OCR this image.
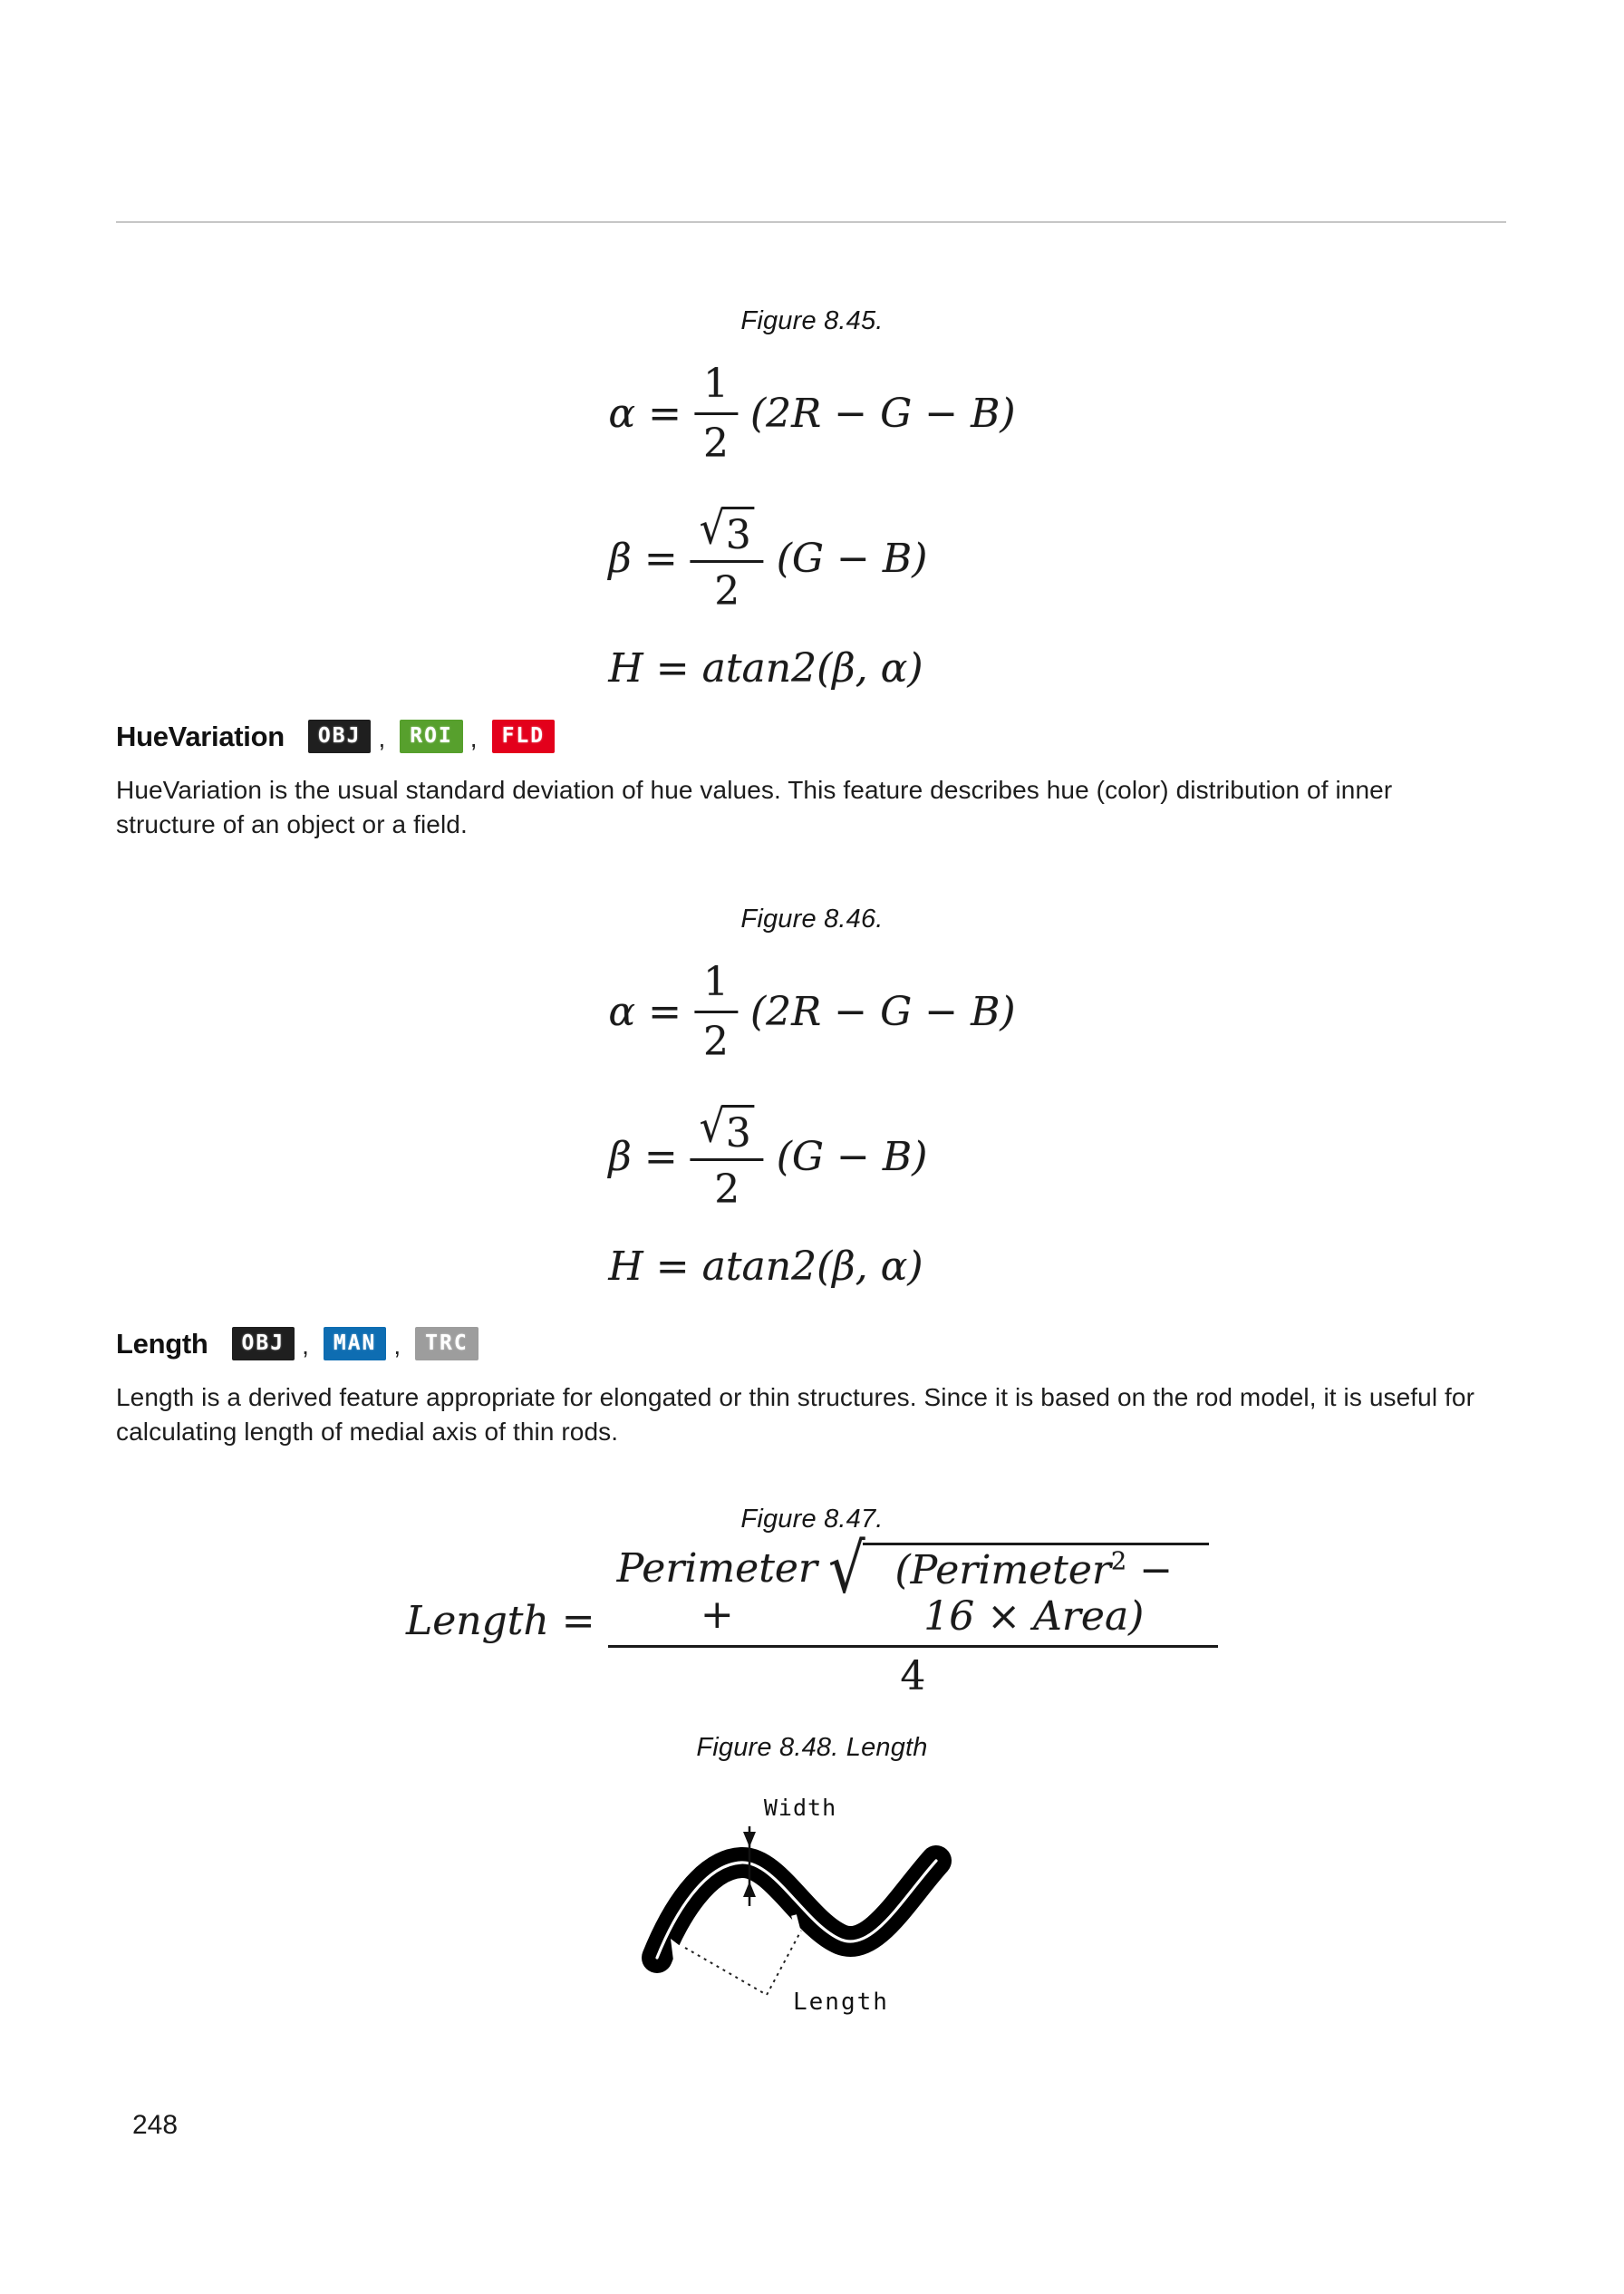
Figure 8.45.
$\alpha = \frac{1}{2} (2R - G - B)$
$\beta = \frac{√ 3}{2} (G - B)$
H = atan2(β, α)
HueVariation	OBJ ,	ROI ,	FLD

HueVariation is the usual standard deviation of hue values. This feature describes hue (color) distribution of inner structure of an object or a field.

Figure 8.46.
$\alpha = \frac{1}{2} (2R - G - B)$
$\beta = \frac{√ 3}{2} (G - B)$
H = atan2(β, α)
Length	OBJ ,	MAN ,	TRC

Length is a derived feature appropriate for elongated or thin structures. Since it is based on the rod model, it is useful for calculating length of medial axis of thin rods.

Figure 8.47.
Length = Perimeter +
√ (Perimeter$^2$ − 16 × Area)
4
Figure 8.48. Length
Width
Length
248
